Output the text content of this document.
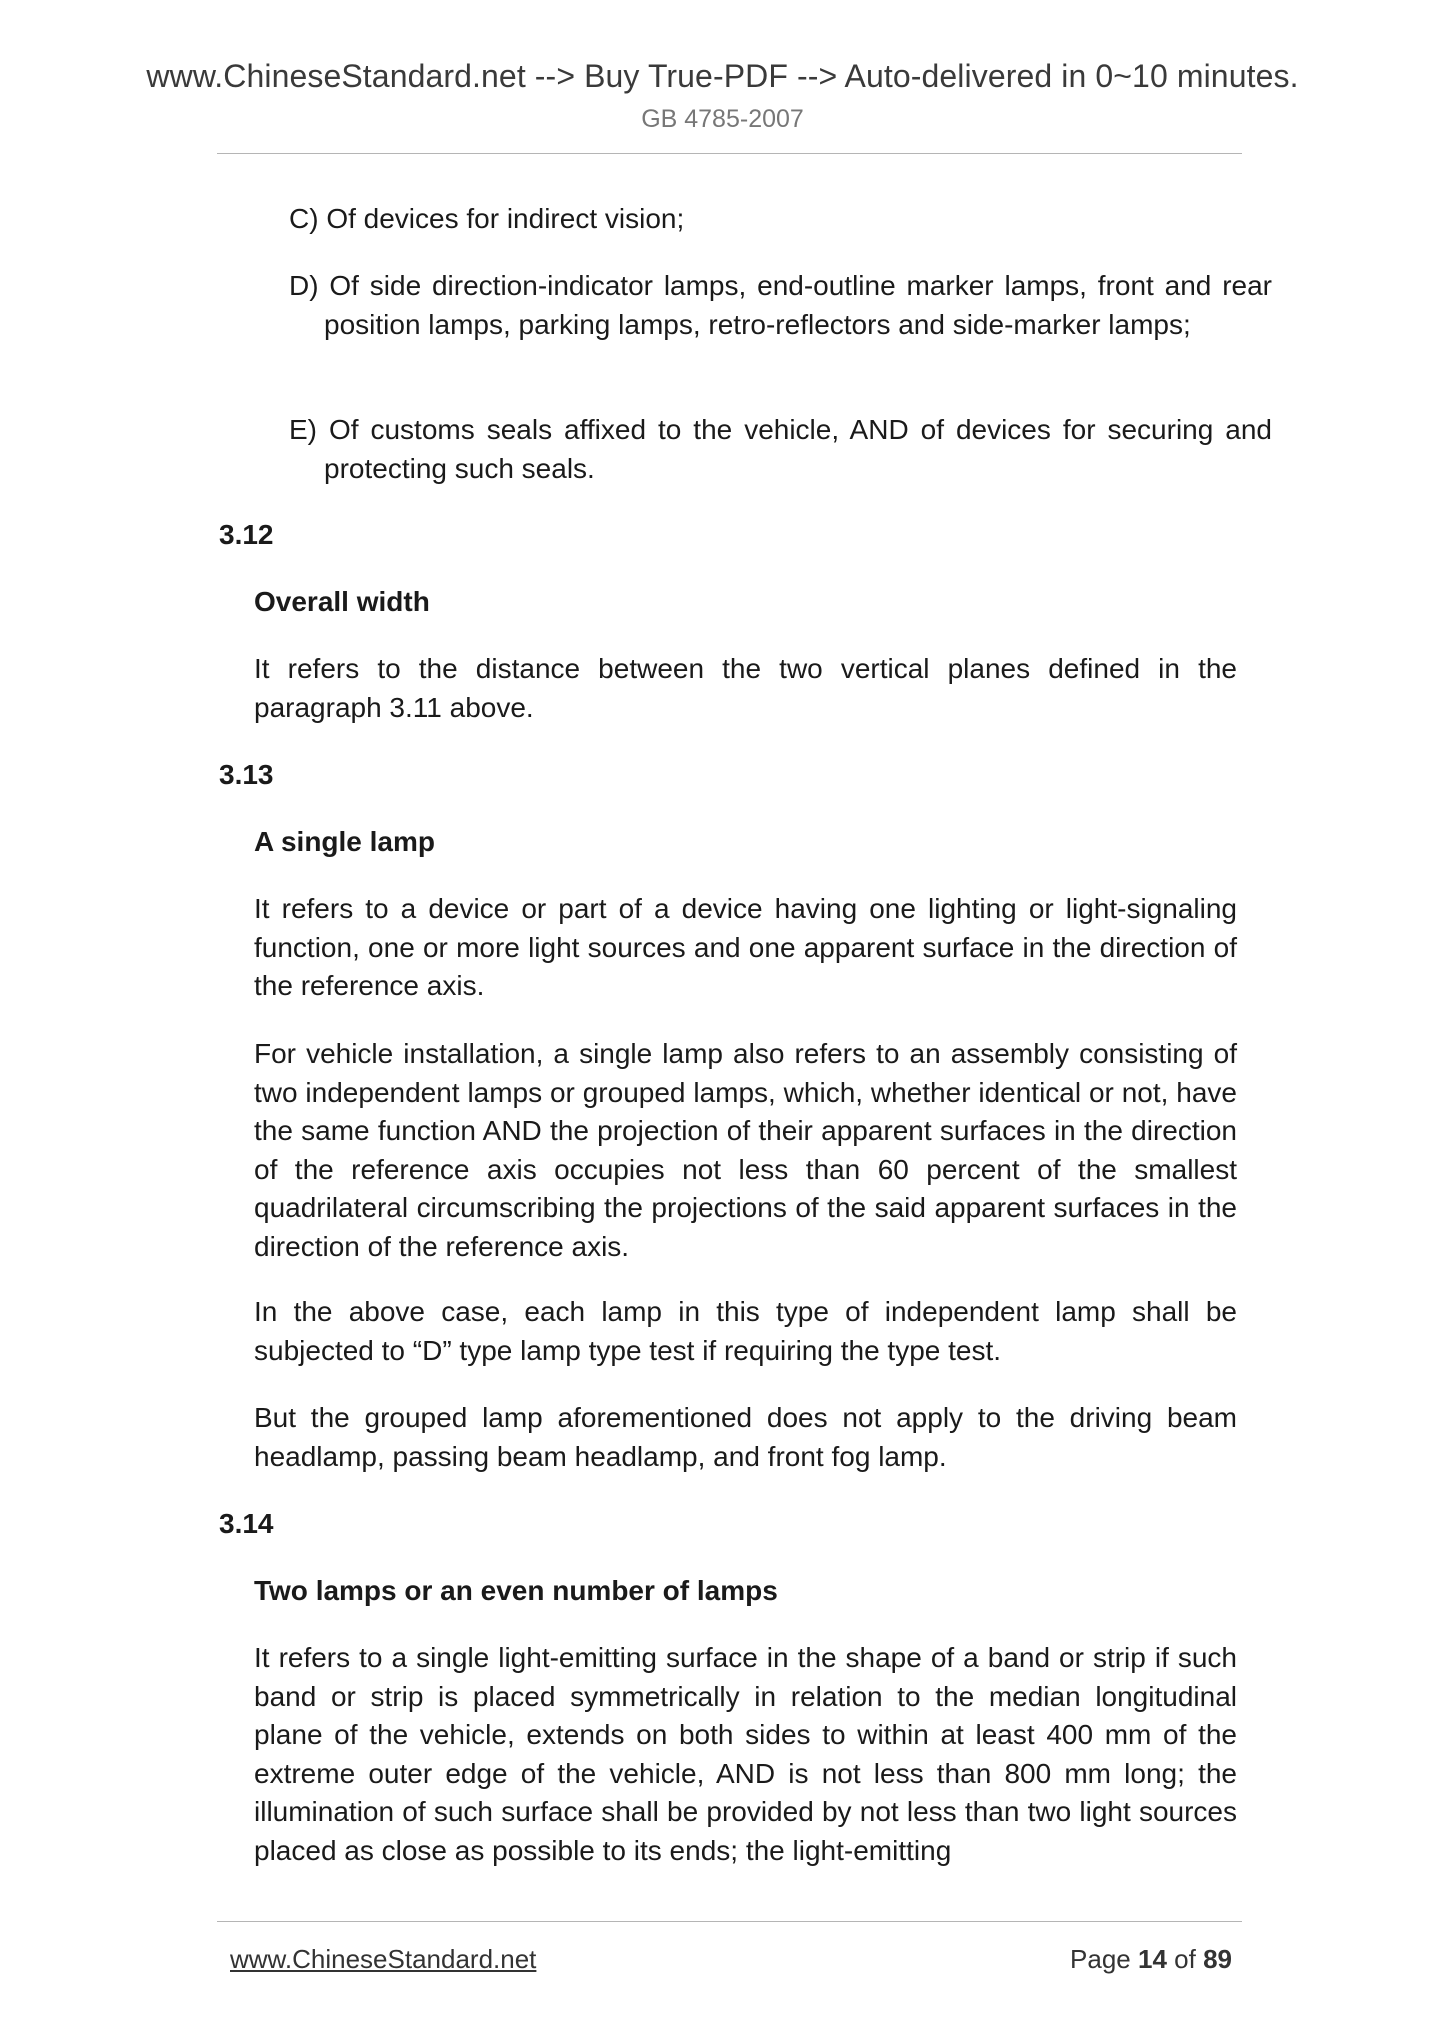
www.ChineseStandard.net --> Buy True-PDF --> Auto-delivered in 0~10 minutes.
GB 4785-2007

C) Of devices for indirect vision;

D) Of side direction-indicator lamps, end-outline marker lamps, front and rear position lamps, parking lamps, retro-reflectors and side-marker lamps;

E) Of customs seals affixed to the vehicle, AND of devices for securing and protecting such seals.

3.12

Overall width

It refers to the distance between the two vertical planes defined in the paragraph 3.11 above.

3.13

A single lamp

It refers to a device or part of a device having one lighting or light-signaling function, one or more light sources and one apparent surface in the direction of the reference axis.

For vehicle installation, a single lamp also refers to an assembly consisting of two independent lamps or grouped lamps, which, whether identical or not, have the same function AND the projection of their apparent surfaces in the direction of the reference axis occupies not less than 60 percent of the smallest quadrilateral circumscribing the projections of the said apparent surfaces in the direction of the reference axis.

In the above case, each lamp in this type of independent lamp shall be subjected to “D” type lamp type test if requiring the type test.

But the grouped lamp aforementioned does not apply to the driving beam headlamp, passing beam headlamp, and front fog lamp.

3.14

Two lamps or an even number of lamps

It refers to a single light-emitting surface in the shape of a band or strip if such band or strip is placed symmetrically in relation to the median longitudinal plane of the vehicle, extends on both sides to within at least 400 mm of the extreme outer edge of the vehicle, AND is not less than 800 mm long; the illumination of such surface shall be provided by not less than two light sources placed as close as possible to its ends; the light-emitting

www.ChineseStandard.net	Page 14 of 89
